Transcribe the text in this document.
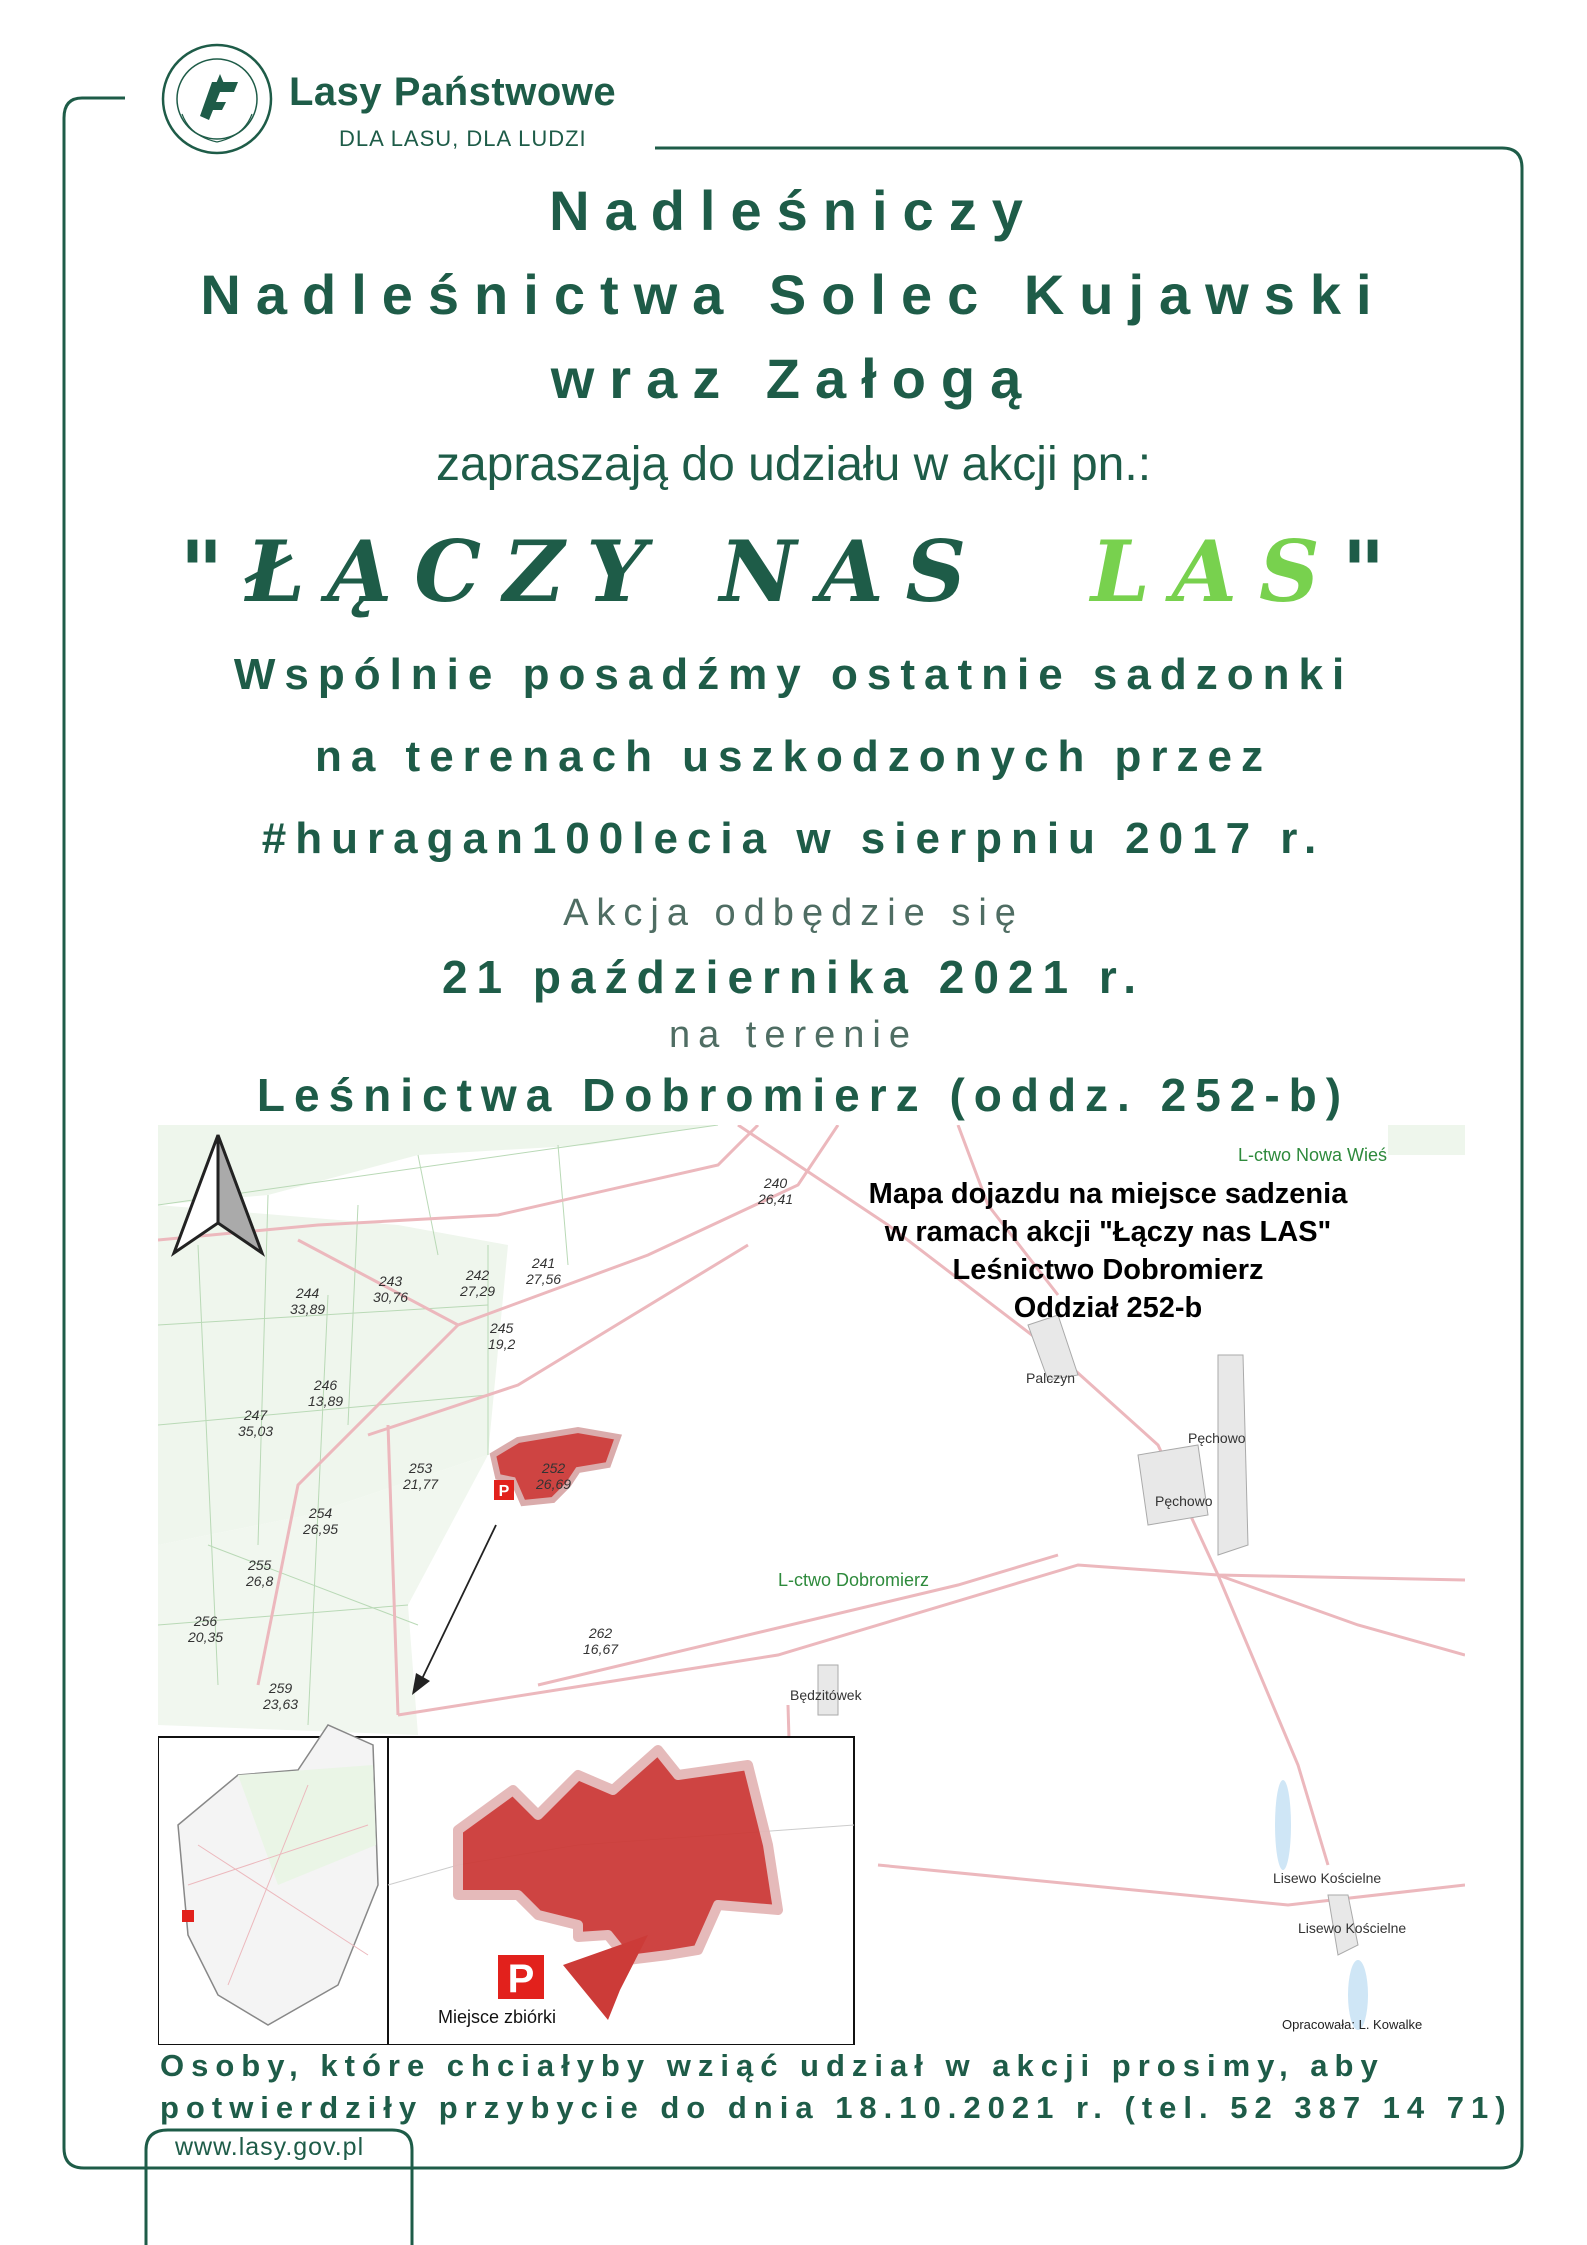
Lasy Państwowe
DLA LASU, DLA LUDZI
Nadleśniczy
Nadleśnictwa Solec Kujawski
wraz Załogą
zapraszają do udziału w akcji pn.:
"ŁĄCZY NAS LAS"
Wspólnie posadźmy ostatnie sadzonki
na terenach uszkodzonych przez
#huragan100lecia w sierpniu 2017 r.
Akcja odbędzie się
21 października 2021 r.
na terenie
Leśnictwa Dobromierz (oddz. 252-b)
P
P
Mapa dojazdu na miejsce sadzenia
w ramach akcji "Łączy nas LAS"
Leśnictwo Dobromierz
Oddział 252-b
L-ctwo Nowa Wieś
L-ctwo Dobromierz
Palczyn
Pęchowo
Pęchowo
Będzitówek
Lisewo Kościelne
Lisewo Kościelne
240
26,41
241
27,56
242
27,29
243
30,76
244
33,89
245
19,2
246
13,89
247
35,03
252
26,69
253
21,77
254
26,95
255
26,8
256
20,35
259
23,63
262
16,67
Miejsce zbiórki	Opracowała: L. Kowalke
Osoby, które chciałyby wziąć udział w akcji prosimy, aby
potwierdziły przybycie do dnia 18.10.2021 r. (tel. 52 387 14 71)
www.lasy.gov.pl
